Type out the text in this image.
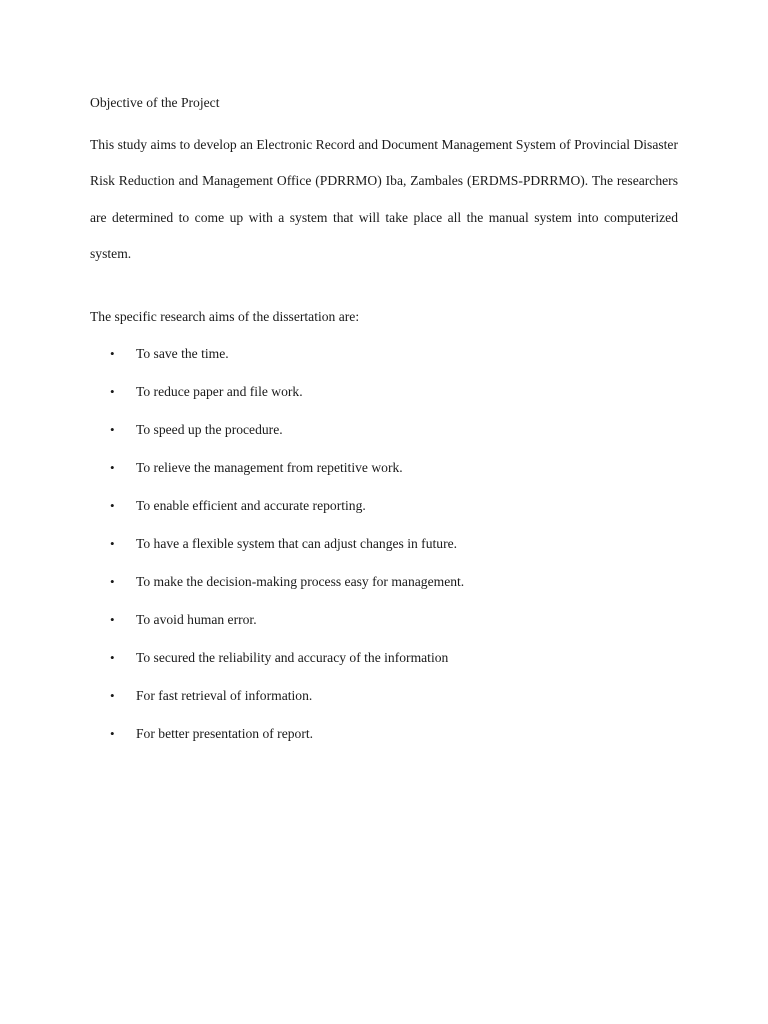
Objective of the Project
This study aims to develop an Electronic Record and Document Management System of Provincial Disaster Risk Reduction and Management Office (PDRRMO) Iba, Zambales (ERDMS-PDRRMO). The researchers are determined to come up with a system that will take place all the manual system into computerized system.
The specific research aims of the dissertation are:
•	To save the time.
•	To reduce paper and file work.
•	To speed up the procedure.
•	To relieve the management from repetitive work.
•	To enable efficient and accurate reporting.
•	To have a flexible system that can adjust changes in future.
•	To make the decision-making process easy for management.
•	To avoid human error.
•	To secured the reliability and accuracy of the information
•	For fast retrieval of information.
•	For better presentation of report.
